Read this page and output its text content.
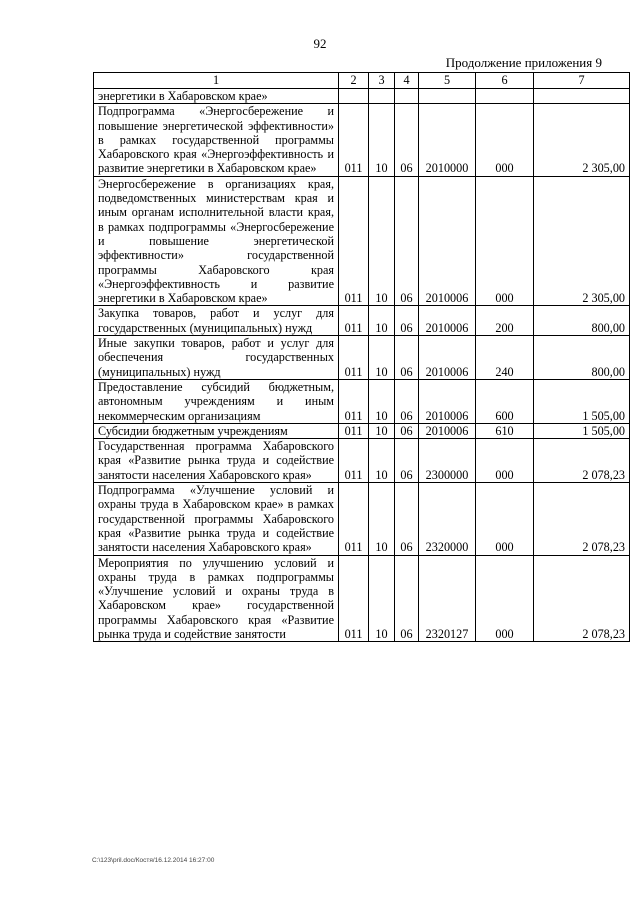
92
Продолжение приложения 9
1	2	3	4	5	6	7
энергетики в Хабаровском крае»						
Подпрограмма «Энергосбережение и повышение энергетической эффективности» в рамках государственной программы Хабаровского края «Энергоэффективность и развитие энергетики в Хабаровском крае»	011	10	06	2010000	000	2 305,00
Энергосбережение в организациях края, подведомственных министерствам края и иным органам исполнительной власти края, в рамках подпрограммы «Энергосбережение и повышение энергетической эффективности» государственной программы Хабаровского края «Энергоэффективность и развитие энергетики в Хабаровском крае»	011	10	06	2010006	000	2 305,00
Закупка товаров, работ и услуг для государственных (муниципальных) нужд	011	10	06	2010006	200	800,00
Иные закупки товаров, работ и услуг для обеспечения государственных (муниципальных) нужд	011	10	06	2010006	240	800,00
Предоставление субсидий бюджетным, автономным учреждениям и иным некоммерческим организациям	011	10	06	2010006	600	1 505,00
Субсидии бюджетным учреждениям	011	10	06	2010006	610	1 505,00
Государственная программа Хабаровского края «Развитие рынка труда и содействие занятости населения Хабаровского края»	011	10	06	2300000	000	2 078,23
Подпрограмма «Улучшение условий и охраны труда в Хабаровском крае» в рамках государственной программы Хабаровского края «Развитие рынка труда и содействие занятости населения Хабаровского края»	011	10	06	2320000	000	2 078,23
Мероприятия по улучшению условий и охраны труда в рамках подпрограммы «Улучшение условий и охраны труда в Хабаровском крае» государственной программы Хабаровского края «Развитие рынка труда и содействие занятости	011	10	06	2320127	000	2 078,23
C:\123\pril.doc/Костя/16.12.2014 16:27:00
